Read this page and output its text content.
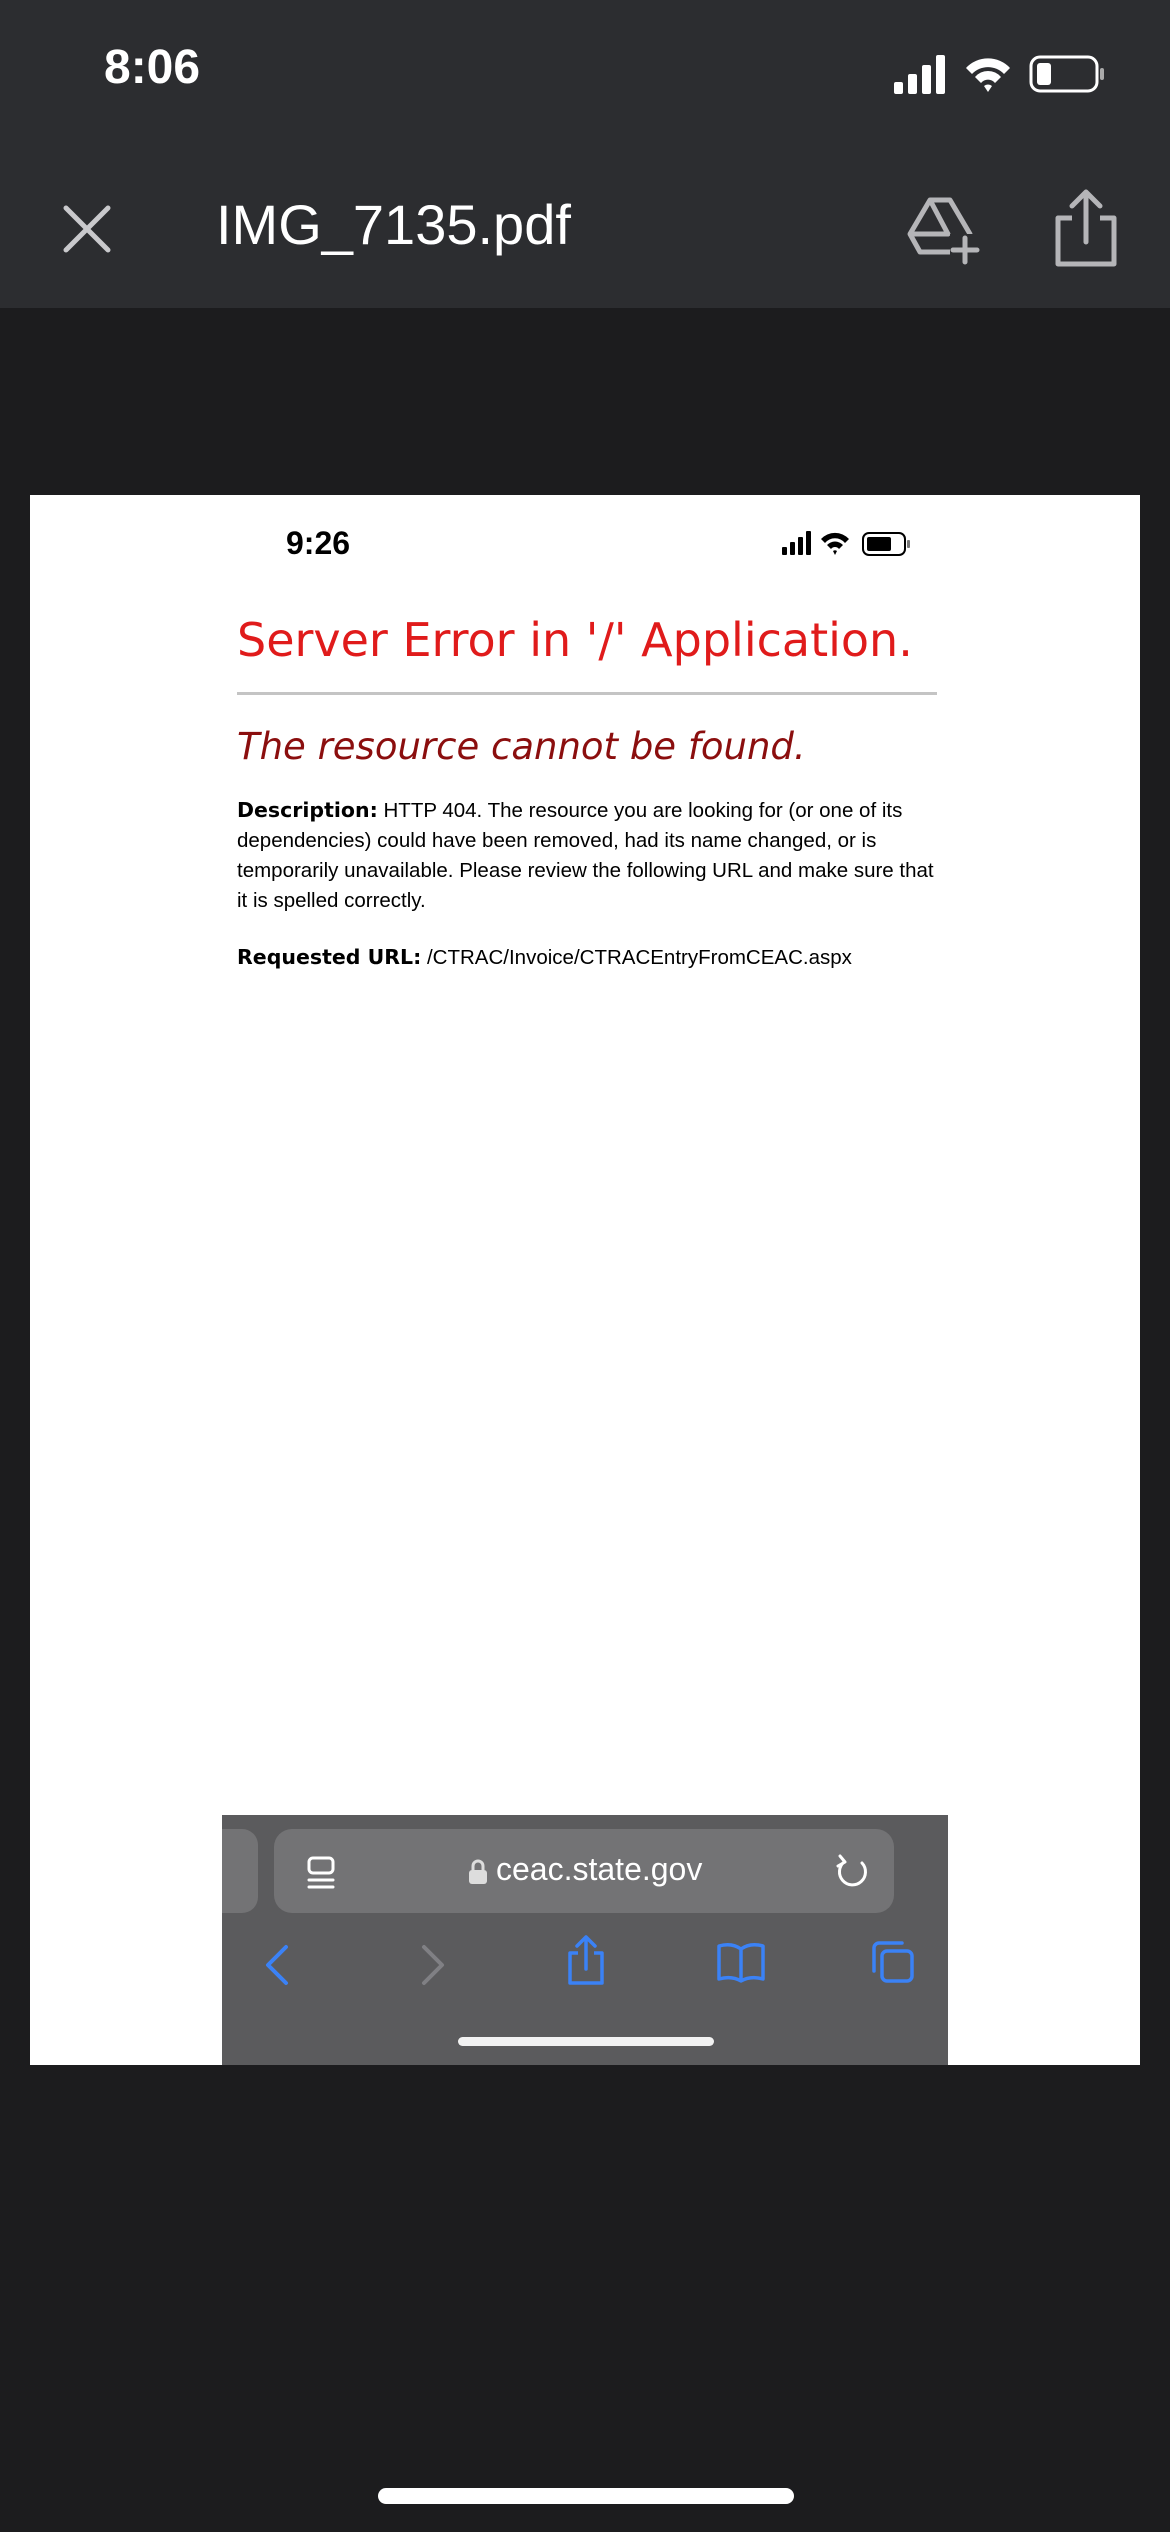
8:06
IMG_7135.pdf
9:26
Server Error in '/' Application.
The resource cannot be found.
Description: HTTP 404. The resource you are looking for (or one of its dependencies) could have been removed, had its name changed, or is temporarily unavailable. Please review the following URL and make sure that it is spelled correctly.
Requested URL: /CTRAC/Invoice/CTRACEntryFromCEAC.aspx
ceac.state.gov
